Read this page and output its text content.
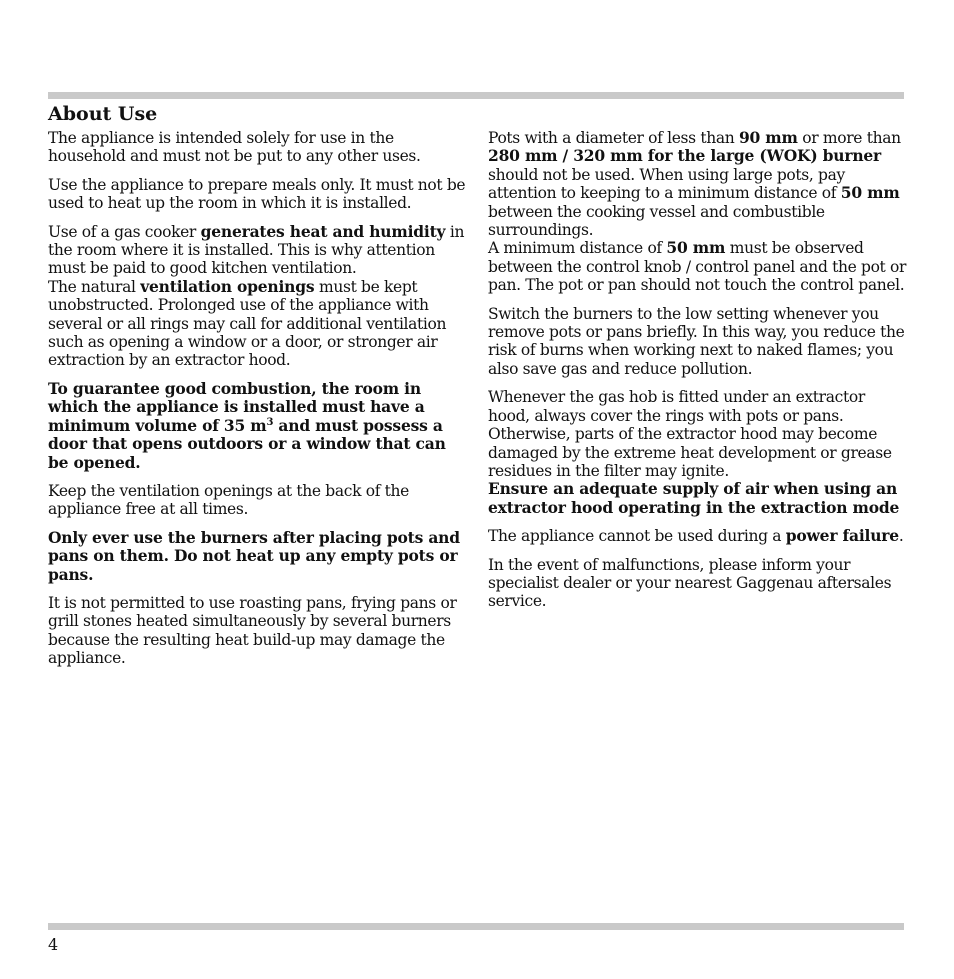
About Use

The appliance is intended solely for use in the household and must not be put to any other uses.

Use the appliance to prepare meals only. It must not be used to heat up the room in which it is installed.

Use of a gas cooker generates heat and humidity in the room where it is installed. This is why attention must be paid to good kitchen ventilation.
The natural ventilation openings must be kept unobstructed. Prolonged use of the appliance with several or all rings may call for additional ventilation such as opening a window or a door, or stronger air extraction by an extractor hood.

To guarantee good combustion, the room in which the appliance is installed must have a minimum volume of 35 $m^3$ and must possess a door that opens outdoors or a window that can be opened.

Keep the ventilation openings at the back of the appliance free at all times.

Only ever use the burners after placing pots and pans on them. Do not heat up any empty pots or pans.

It is not permitted to use roasting pans, frying pans or grill stones heated simultaneously by several burners because the resulting heat build-up may damage the appliance.

Pots with a diameter of less than 90 mm or more than 280 mm / 320 mm for the large (WOK) burner should not be used. When using large pots, pay attention to keeping to a minimum distance of 50 mm between the cooking vessel and combustible surroundings.

A minimum distance of 50 mm must be observed between the control knob / control panel and the pot or pan. The pot or pan should not touch the control panel.

Switch the burners to the low setting whenever you remove pots or pans briefly. In this way, you reduce the risk of burns when working next to naked flames; you also save gas and reduce pollution.

Whenever the gas hob is fitted under an extractor hood, always cover the rings with pots or pans. Otherwise, parts of the extractor hood may become damaged by the extreme heat development or grease residues in the filter may ignite.

Ensure an adequate supply of air when using an extractor hood operating in the extraction mode

The appliance cannot be used during a power failure.

In the event of malfunctions, please inform your specialist dealer or your nearest Gaggenau aftersales service.

4
